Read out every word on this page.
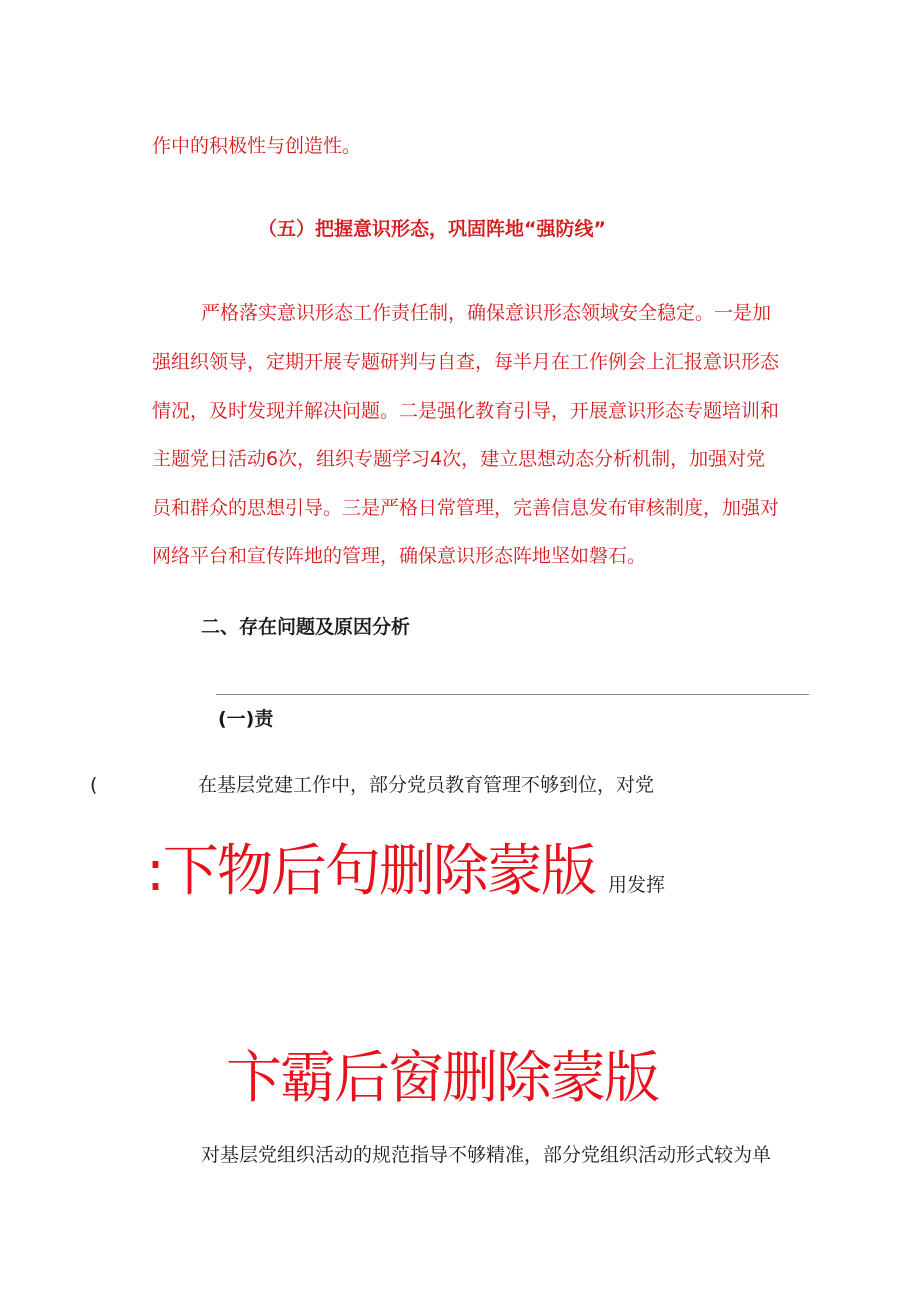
作中的积极性与创造性。
（五）把握意识形态，巩固阵地“强防线”
严格落实意识形态工作责任制，确保意识形态领域安全稳定。一是加
强组织领导，定期开展专题研判与自查，每半月在工作例会上汇报意识形态
情况，及时发现并解决问题。二是强化教育引导，开展意识形态专题培训和
主题党日活动6次，组织专题学习4次，建立思想动态分析机制，加强对党
员和群众的思想引导。三是严格日常管理，完善信息发布审核制度，加强对
网络平台和宣传阵地的管理，确保意识形态阵地坚如磐石。
二、存在问题及原因分析
(一)责
(	在基层党建工作中，部分党员教育管理不够到位，对党
:下物后句删除蒙版 用发挥
卞霸后窗删除蒙版
对基层党组织活动的规范指导不够精准，部分党组织活动形式较为单
